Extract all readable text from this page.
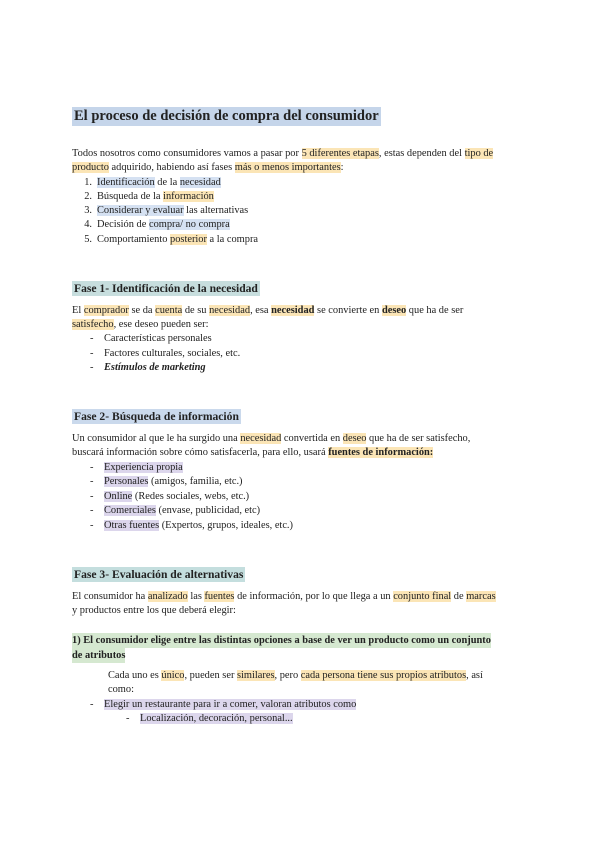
El proceso de decisión de compra del consumidor
Todos nosotros como consumidores vamos a pasar por 5 diferentes etapas, estas dependen del tipo de
producto adquirido, habiendo así fases más o menos importantes:
1. Identificación de la necesidad
2. Búsqueda de la información
3. Considerar y evaluar las alternativas
4. Decisión de compra/ no compra
5. Comportamiento posterior a la compra
Fase 1- Identificación de la necesidad
El comprador se da cuenta de su necesidad, esa necesidad se convierte en deseo que ha de ser
satisfecho, ese deseo pueden ser:
- Características personales
- Factores culturales, sociales, etc.
- Estímulos de marketing
Fase 2- Búsqueda de información
Un consumidor al que le ha surgido una necesidad convertida en deseo que ha de ser satisfecho,
buscará información sobre cómo satisfacerla, para ello, usará fuentes de información:
- Experiencia propia
- Personales (amigos, familia, etc.)
- Online (Redes sociales, webs, etc.)
- Comerciales (envase, publicidad, etc)
- Otras fuentes (Expertos, grupos, ideales, etc.)
Fase 3- Evaluación de alternativas
El consumidor ha analizado las fuentes de información, por lo que llega a un conjunto final de marcas
y productos entre los que deberá elegir:
1) El consumidor elige entre las distintas opciones a base de ver un producto como un conjunto
de atributos
Cada uno es único, pueden ser similares, pero cada persona tiene sus propios atributos, así
como:
- Elegir un restaurante para ir a comer, valoran atributos como
- Localización, decoración, personal...
